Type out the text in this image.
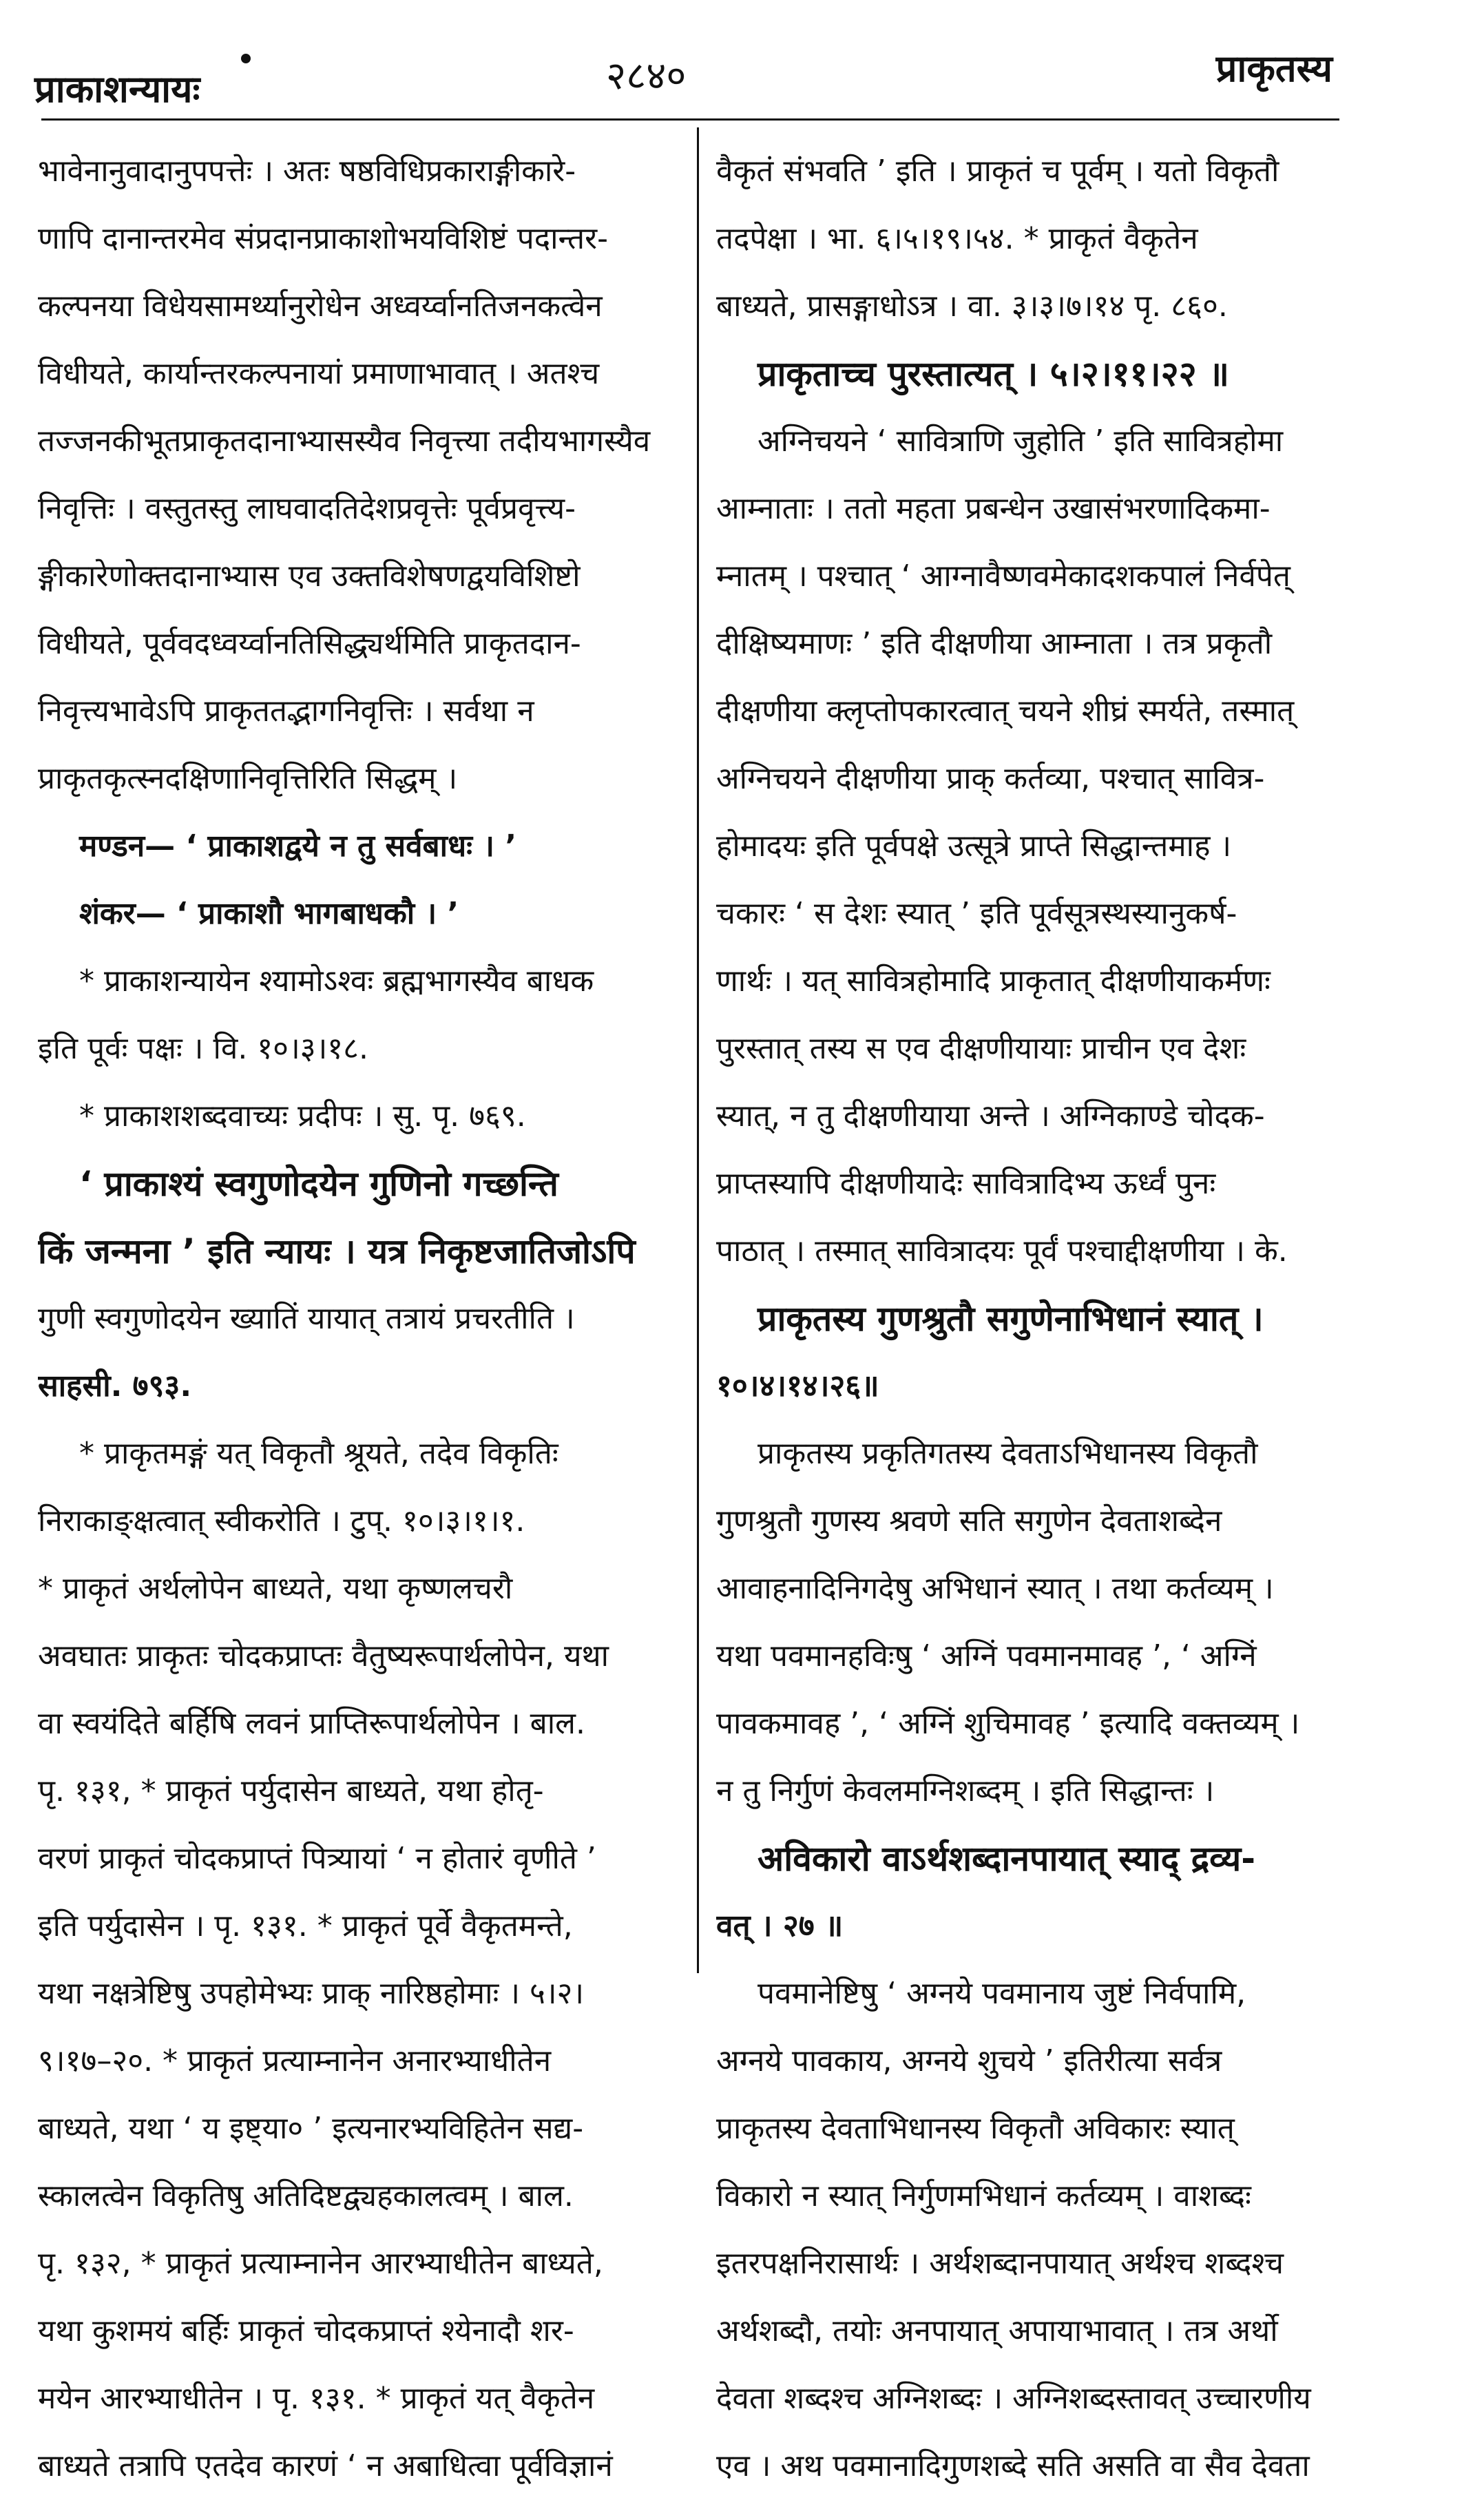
प्राकाशन्यायः	२८४०	प्राकृतस्य
भावेनानुवादानुपपत्तेः । अतः षष्ठविधिप्रकाराङ्गीकारे-
णापि दानान्तरमेव संप्रदानप्राकाशोभयविशिष्टं पदान्तर-
कल्पनया विधेयसामर्थ्यानुरोधेन अध्वर्य्वानतिजनकत्वेन
विधीयते, कार्यान्तरकल्पनायां प्रमाणाभावात् । अतश्च
तज्जनकीभूतप्राकृतदानाभ्यासस्यैव निवृत्त्या तदीयभागस्यैव
निवृत्तिः । वस्तुतस्तु लाघवादतिदेशप्रवृत्तेः पूर्वप्रवृत्त्य-
ङ्गीकारेणोक्तदानाभ्यास एव उक्तविशेषणद्वयविशिष्टो
विधीयते, पूर्ववदध्वर्य्वानतिसिद्ध्यर्थमिति प्राकृतदान-
निवृत्त्यभावेऽपि प्राकृततद्भागनिवृत्तिः । सर्वथा न
प्राकृतकृत्स्नदक्षिणानिवृत्तिरिति सिद्धम् ।
मण्डन— ‘ प्राकाशद्वये न तु सर्वबाधः । ’
शंकर— ‘ प्राकाशौ भागबाधकौ । ’
* प्राकाशन्यायेन श्यामोऽश्वः ब्रह्मभागस्यैव बाधक
इति पूर्वः पक्षः । वि. १०।३।१८.
* प्राकाशशब्दवाच्यः प्रदीपः । सु. पृ. ७६९.
‘ प्राकाश्यं स्वगुणोदयेन गुणिनो गच्छन्ति
किं जन्मना ’ इति न्यायः । यत्र निकृष्टजातिजोऽपि
गुणी स्वगुणोदयेन ख्यातिं यायात् तत्रायं प्रचरतीति ।
साहसी. ७९३.
* प्राकृतमङ्गं यत् विकृतौ श्रूयते, तदेव विकृतिः
निराकाङ्क्षत्वात् स्वीकरोति । टुप्. १०।३।१।१.
* प्राकृतं अर्थलोपेन बाध्यते, यथा कृष्णलचरौ
अवघातः प्राकृतः चोदकप्राप्तः वैतुष्यरूपार्थलोपेन, यथा
वा स्वयंदिते बर्हिषि लवनं प्राप्तिरूपार्थलोपेन । बाल.
पृ. १३१, * प्राकृतं पर्युदासेन बाध्यते, यथा होतृ-
वरणं प्राकृतं चोदकप्राप्तं पित्र्यायां ‘ न होतारं वृणीते ’
इति पर्युदासेन । पृ. १३१. * प्राकृतं पूर्वे वैकृतमन्ते,
यथा नक्षत्रेष्टिषु उपहोमेभ्यः प्राक् नारिष्ठहोमाः । ५।२।
९।१७–२०. * प्राकृतं प्रत्याम्नानेन अनारभ्याधीतेन
बाध्यते, यथा ‘ य इष्ट्या० ’ इत्यनारभ्यविहितेन सद्य-
स्कालत्वेन विकृतिषु अतिदिष्टद्व्यहकालत्वम् । बाल.
पृ. १३२, * प्राकृतं प्रत्याम्नानेन आरभ्याधीतेन बाध्यते,
यथा कुशमयं बर्हिः प्राकृतं चोदकप्राप्तं श्येनादौ शर-
मयेन आरभ्याधीतेन । पृ. १३१. * प्राकृतं यत् वैकृतेन
बाध्यते तत्रापि एतदेव कारणं ‘ न अबाधित्वा पूर्वविज्ञानं
वैकृतं संभवति ’ इति । प्राकृतं च पूर्वम् । यतो विकृतौ
तदपेक्षा । भा. ६।५।१९।५४. * प्राकृतं वैकृतेन
बाध्यते, प्रासङ्गाधोऽत्र । वा. ३।३।७।१४ पृ. ८६०.
प्राकृताच्च पुरस्तात्यत् । ५।२।११।२२ ॥
अग्निचयने ‘ सावित्राणि जुहोति ’ इति सावित्रहोमा
आम्नाताः । ततो महता प्रबन्धेन उखासंभरणादिकमा-
म्नातम् । पश्चात् ‘ आग्नावैष्णवमेकादशकपालं निर्वपेत्
दीक्षिष्यमाणः ’ इति दीक्षणीया आम्नाता । तत्र प्रकृतौ
दीक्षणीया क्लृप्तोपकारत्वात् चयने शीघ्रं स्मर्यते, तस्मात्
अग्निचयने दीक्षणीया प्राक् कर्तव्या, पश्चात् सावित्र-
होमादयः इति पूर्वपक्षे उत्सूत्रे प्राप्ते सिद्धान्तमाह ।
चकारः ‘ स देशः स्यात् ’ इति पूर्वसूत्रस्थस्यानुकर्ष-
णार्थः । यत् सावित्रहोमादि प्राकृतात् दीक्षणीयाकर्मणः
पुरस्तात् तस्य स एव दीक्षणीयायाः प्राचीन एव देशः
स्यात्, न तु दीक्षणीयाया अन्ते । अग्निकाण्डे चोदक-
प्राप्तस्यापि दीक्षणीयादेः सावित्रादिभ्य ऊर्ध्वं पुनः
पाठात् । तस्मात् सावित्रादयः पूर्वं पश्चाद्दीक्षणीया । के.
प्राकृतस्य गुणश्रुतौ सगुणेनाभिधानं स्यात् ।
१०।४।१४।२६॥
प्राकृतस्य प्रकृतिगतस्य देवताऽभिधानस्य विकृतौ
गुणश्रुतौ गुणस्य श्रवणे सति सगुणेन देवताशब्देन
आवाहनादिनिगदेषु अभिधानं स्यात् । तथा कर्तव्यम् ।
यथा पवमानहविःषु ‘ अग्निं पवमानमावह ’, ‘ अग्निं
पावकमावह ’, ‘ अग्निं शुचिमावह ’ इत्यादि वक्तव्यम् ।
न तु निर्गुणं केवलमग्निशब्दम् । इति सिद्धान्तः ।
अविकारो वाऽर्थशब्दानपायात् स्याद् द्रव्य-
वत् । २७ ॥
पवमानेष्टिषु ‘ अग्नये पवमानाय जुष्टं निर्वपामि,
अग्नये पावकाय, अग्नये शुचये ’ इतिरीत्या सर्वत्र
प्राकृतस्य देवताभिधानस्य विकृतौ अविकारः स्यात्
विकारो न स्यात् निर्गुणमभिधानं कर्तव्यम् । वाशब्दः
इतरपक्षनिरासार्थः । अर्थशब्दानपायात् अर्थश्च शब्दश्च
अर्थशब्दौ, तयोः अनपायात् अपायाभावात् । तत्र अर्थो
देवता शब्दश्च अग्निशब्दः । अग्निशब्दस्तावत् उच्चारणीय
एव । अथ पवमानादिगुणशब्दे सति असति वा सैव देवता
